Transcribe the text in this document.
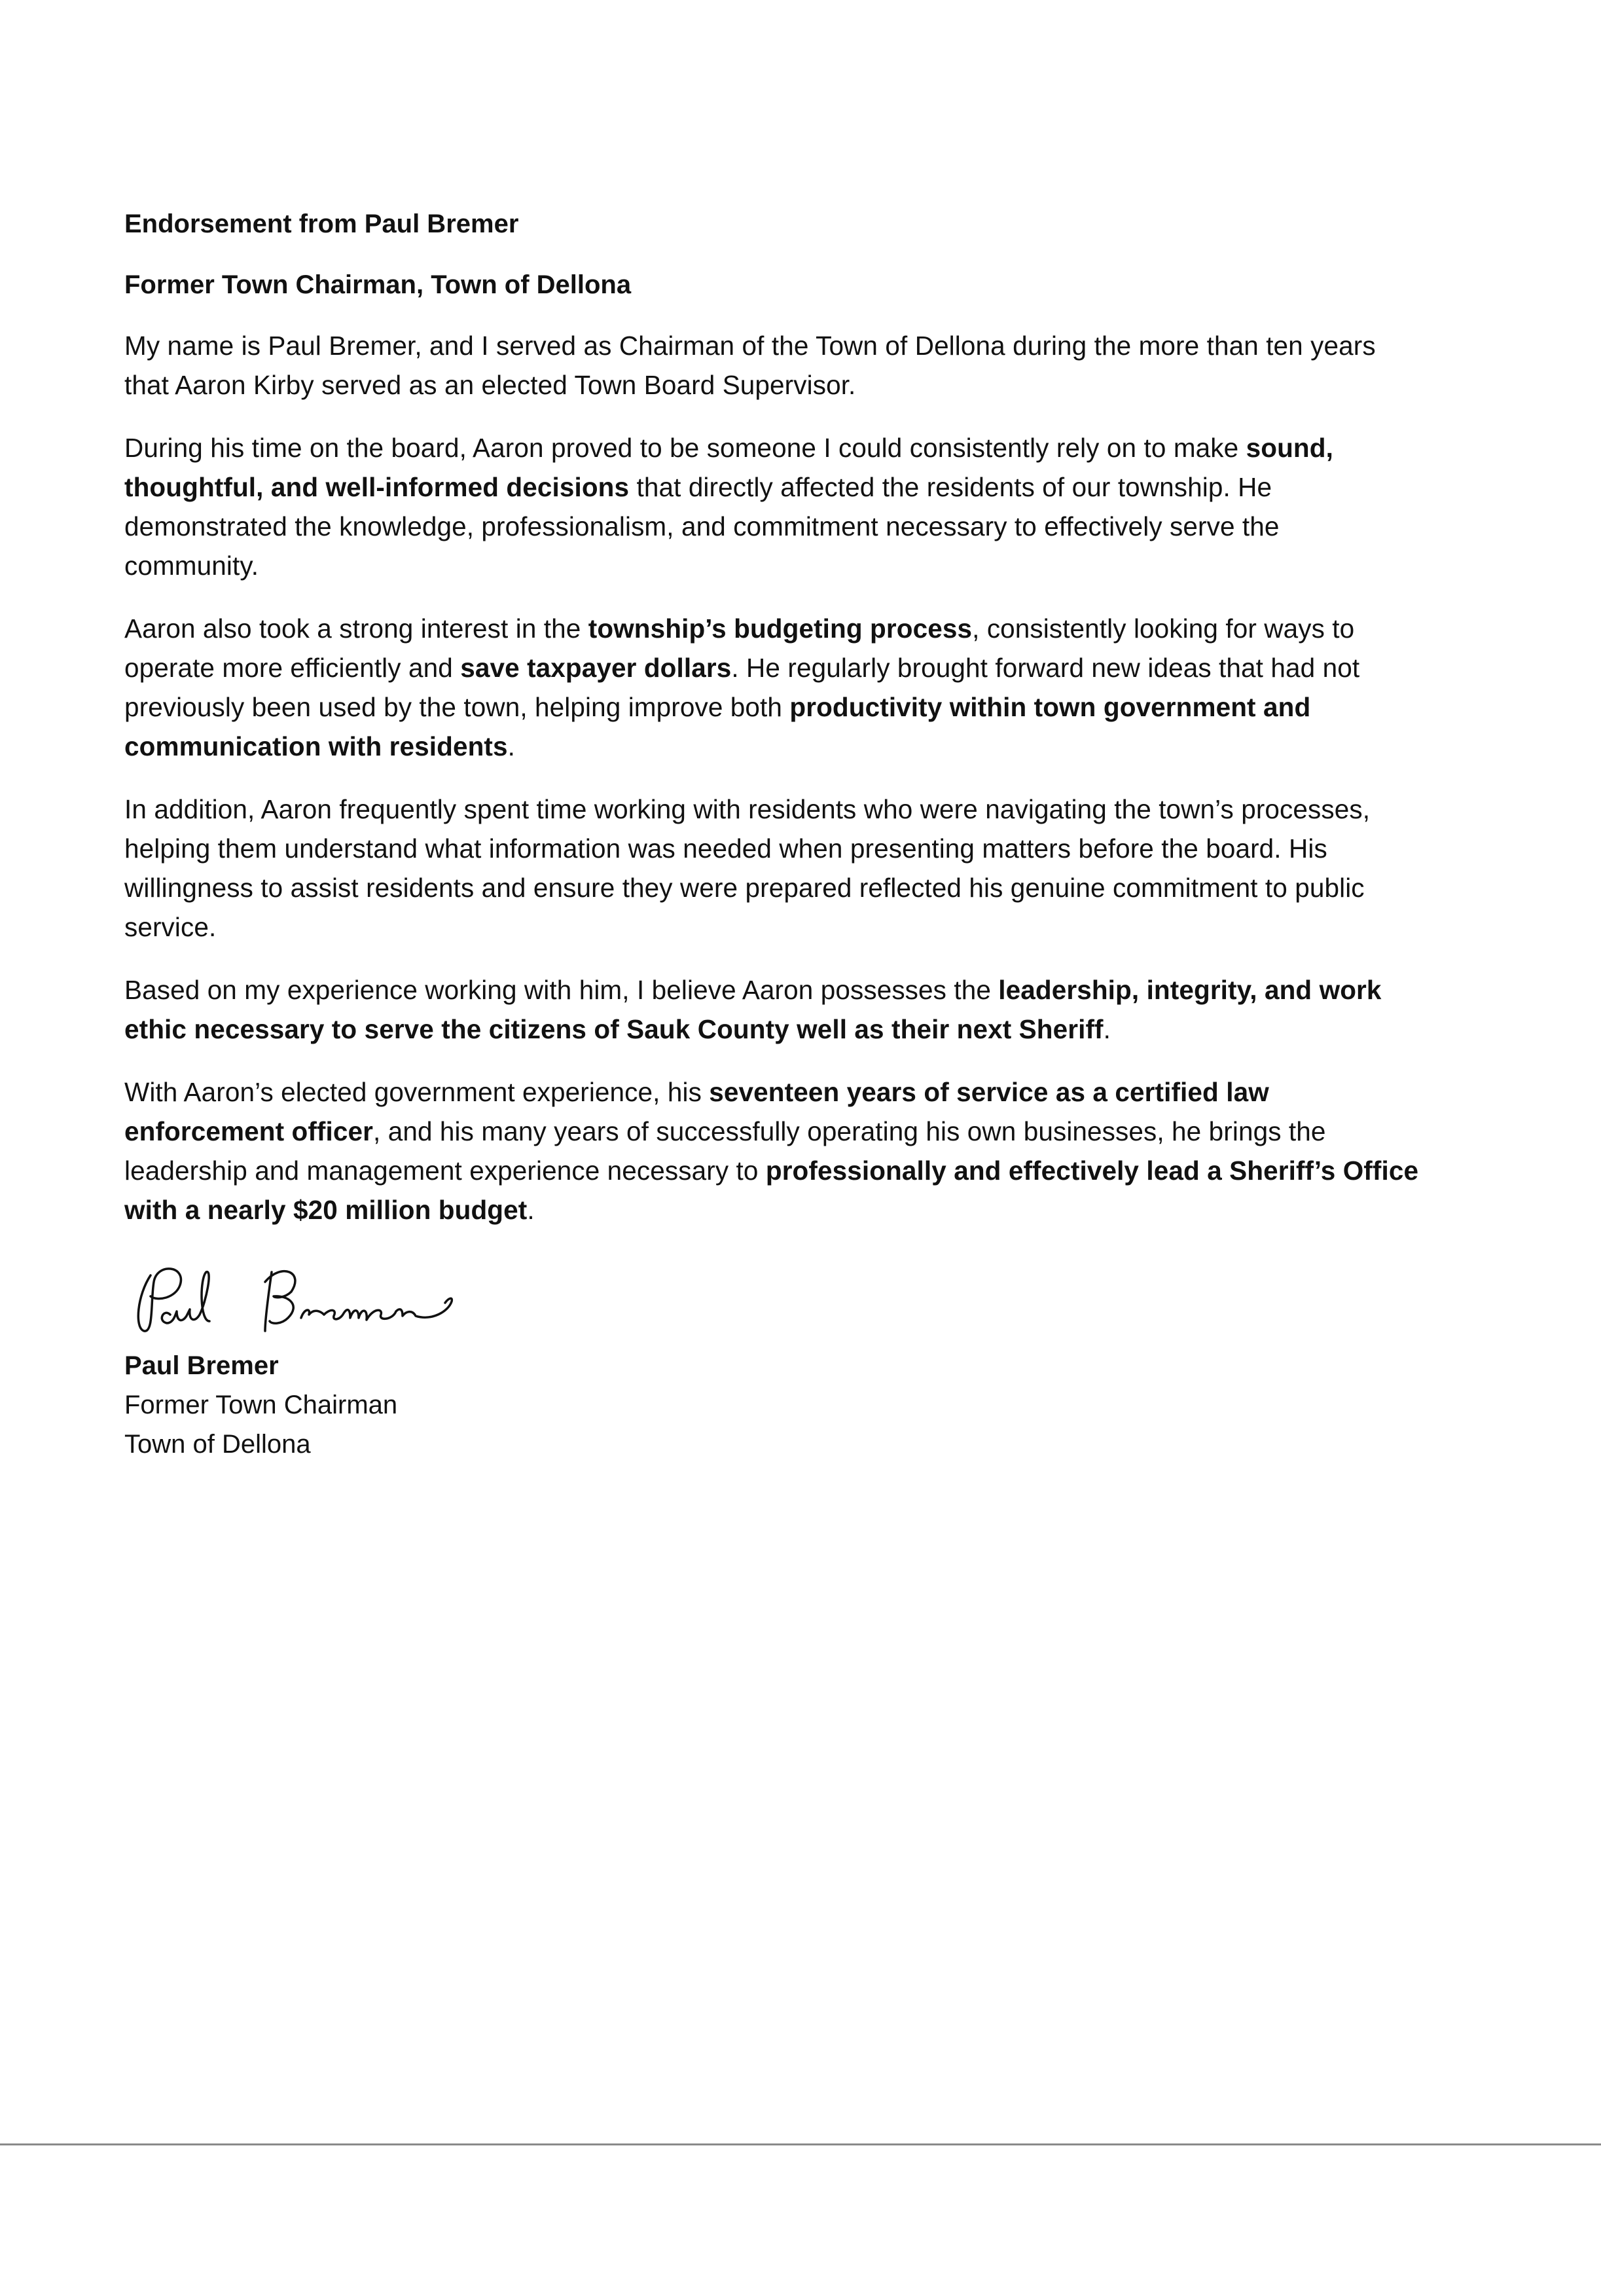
Endorsement from Paul Bremer
Former Town Chairman, Town of Dellona

My name is Paul Bremer, and I served as Chairman of the Town of Dellona during the more than ten years that Aaron Kirby served as an elected Town Board Supervisor.

During his time on the board, Aaron proved to be someone I could consistently rely on to make sound, thoughtful, and well-informed decisions that directly affected the residents of our township. He demonstrated the knowledge, professionalism, and commitment necessary to effectively serve the community.

Aaron also took a strong interest in the township’s budgeting process, consistently looking for ways to operate more efficiently and save taxpayer dollars. He regularly brought forward new ideas that had not previously been used by the town, helping improve both productivity within town government and communication with residents.

In addition, Aaron frequently spent time working with residents who were navigating the town’s processes, helping them understand what information was needed when presenting matters before the board. His willingness to assist residents and ensure they were prepared reflected his genuine commitment to public service.

Based on my experience working with him, I believe Aaron possesses the leadership, integrity, and work ethic necessary to serve the citizens of Sauk County well as their next Sheriff.

With Aaron’s elected government experience, his seventeen years of service as a certified law enforcement officer, and his many years of successfully operating his own businesses, he brings the leadership and management experience necessary to professionally and effectively lead a Sheriff’s Office with a nearly $20 million budget.

Paul Bremer
Former Town Chairman
Town of Dellona
